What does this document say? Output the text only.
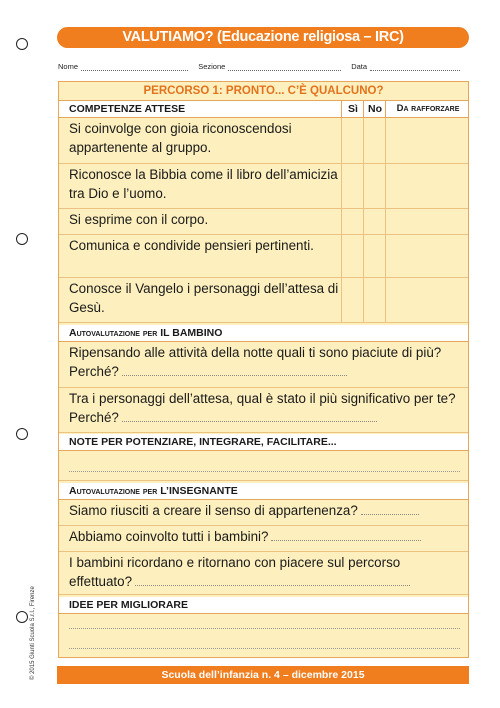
VALUTIAMO? (Educazione religiosa – IRC)
Nome	Sezione	Data
PERCORSO 1: PRONTO... C’È QUALCUNO?
COMPETENZE ATTESE	Sì No	Da rafforzare
Si coinvolge con gioia riconoscendosi appartenente al gruppo.
Riconosce la Bibbia come il libro dell’amicizia tra Dio e l’uomo.
Si esprime con il corpo.
Comunica e condivide pensieri pertinenti.
Conosce il Vangelo i personaggi dell’attesa di Gesù.
Autovalutazione per IL BAMBINO
Ripensando alle attività della notte quali ti sono piaciute di più? Perché?
Tra i personaggi dell’attesa, qual è stato il più significativo per te? Perché?
NOTE PER POTENZIARE, INTEGRARE, FACILITARE...
Autovalutazione per L’INSEGNANTE
Siamo riusciti a creare il senso di appartenenza?
Abbiamo coinvolto tutti i bambini?
I bambini ricordano e ritornano con piacere sul percorso effettuato?
IDEE PER MIGLIORARE
Scuola dell’infanzia n. 4 – dicembre 2015
© 2015 Giunti Scuola S.r.l., Firenze
